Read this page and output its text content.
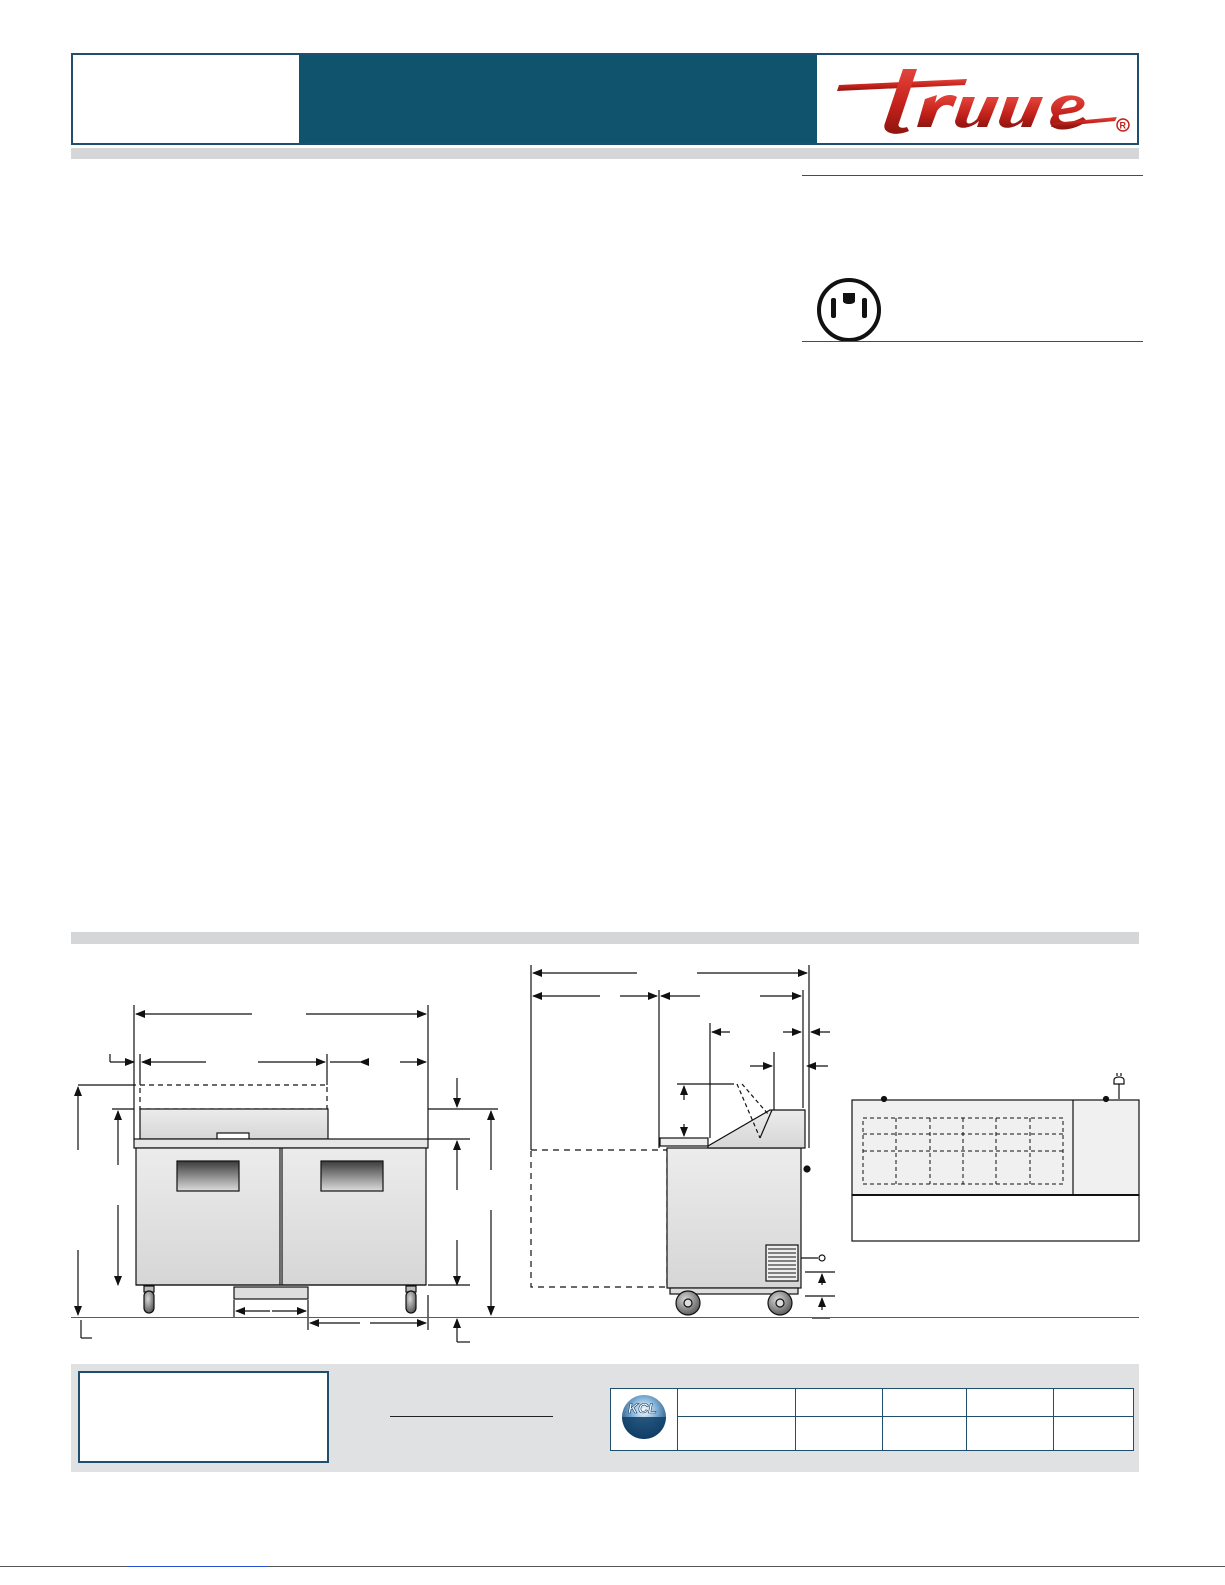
R
KCL					
